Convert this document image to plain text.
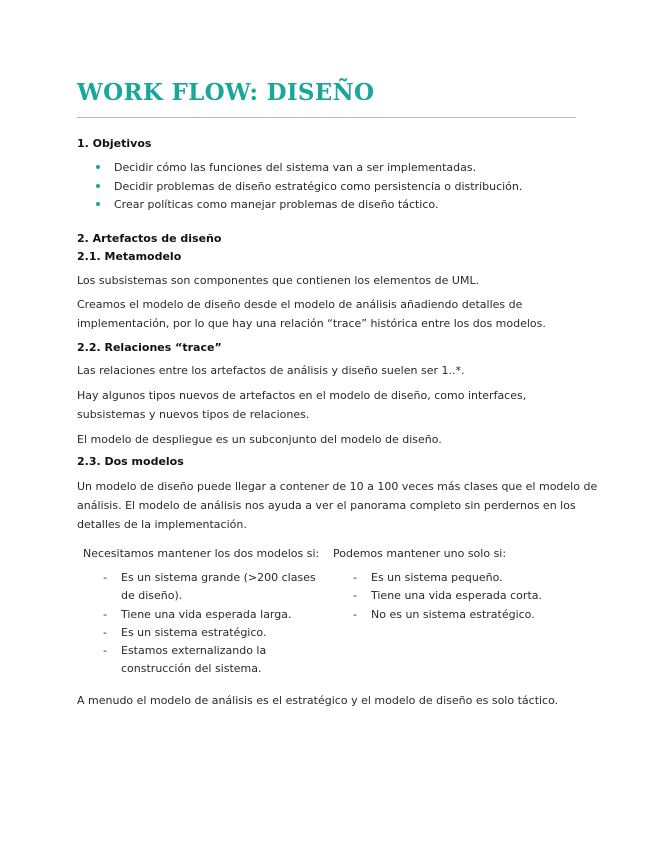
WORK FLOW: DISEÑO
1. Objetivos
Decidir cómo las funciones del sistema van a ser implementadas.
Decidir problemas de diseño estratégico como persistencia o distribución.
Crear políticas como manejar problemas de diseño táctico.
2. Artefactos de diseño
2.1. Metamodelo
Los subsistemas son componentes que contienen los elementos de UML.
Creamos el modelo de diseño desde el modelo de análisis añadiendo detalles de
implementación, por lo que hay una relación “trace” histórica entre los dos modelos.
2.2. Relaciones “trace”
Las relaciones entre los artefactos de análisis y diseño suelen ser 1..*.
Hay algunos tipos nuevos de artefactos en el modelo de diseño, como interfaces,
subsistemas y nuevos tipos de relaciones.
El modelo de despliegue es un subconjunto del modelo de diseño.
2.3. Dos modelos
Un modelo de diseño puede llegar a contener de 10 a 100 veces más clases que el modelo de
análisis. El modelo de análisis nos ayuda a ver el panorama completo sin perdernos en los
detalles de la implementación.
Necesitamos mantener los dos modelos si:
- Es un sistema grande (>200 clases
de diseño).
- Tiene una vida esperada larga.
- Es un sistema estratégico.
- Estamos externalizando la
construcción del sistema.
Podemos mantener uno solo si:
- Es un sistema pequeño.
- Tiene una vida esperada corta.
- No es un sistema estratégico.
A menudo el modelo de análisis es el estratégico y el modelo de diseño es solo táctico.
